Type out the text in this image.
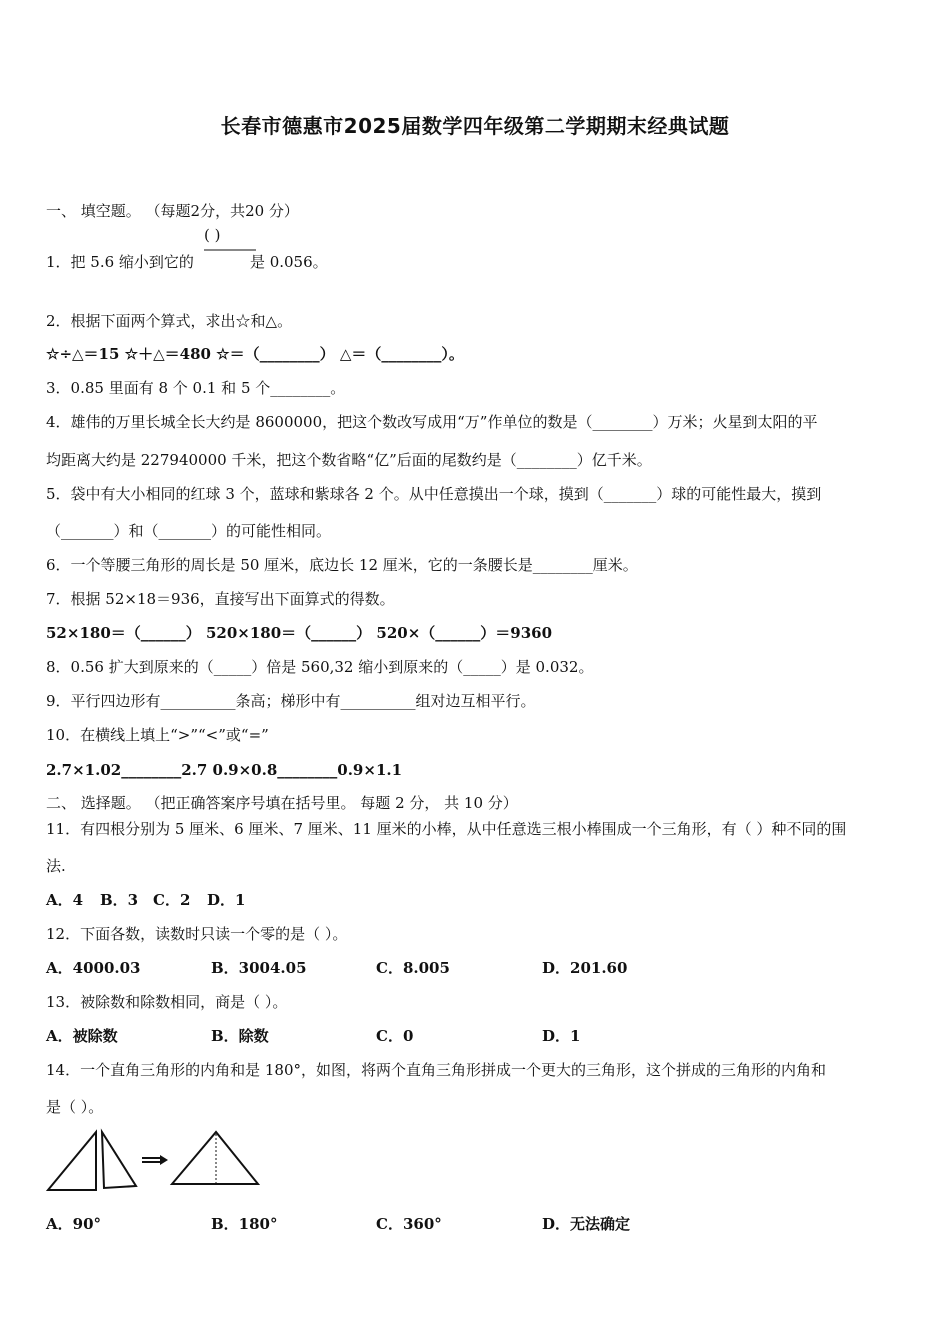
长春市德惠市2025届数学四年级第二学期期末经典试题
一、 填空题。 （每题2分，共20 分）
( )
1．把 5.6 缩小到它的	是 0.056。
2．根据下面两个算式，求出☆和△。
☆÷△＝15 ☆＋△＝480 ☆＝（________） △＝（________）。
3．0.85 里面有 8 个 0.1 和 5 个________。
4．雄伟的万里长城全长大约是 8600000，把这个数改写成用“万”作单位的数是（________）万米；火星到太阳的平
均距离大约是 227940000 千米，把这个数省略“亿”后面的尾数约是（________）亿千米。
5．袋中有大小相同的红球 3 个，蓝球和紫球各 2 个。从中任意摸出一个球，摸到（_______）球的可能性最大，摸到
（_______）和（_______）的可能性相同。
6．一个等腰三角形的周长是 50 厘米，底边长 12 厘米，它的一条腰长是________厘米。
7．根据 52×18＝936，直接写出下面算式的得数。
52×180＝（______） 520×180＝（______） 520×（______）＝9360
8．0.56 扩大到原来的（_____）倍是 560,32 缩小到原来的（_____）是 0.032。
9．平行四边形有__________条高；梯形中有__________组对边互相平行。
10．在横线上填上“>”“<”或“=”
2.7×1.02________2.7 0.9×0.8________0.9×1.1
二、 选择题。 （把正确答案序号填在括号里。 每题 2 分， 共 10 分）
11．有四根分别为 5 厘米、6 厘米、7 厘米、11 厘米的小棒，从中任意选三根小棒围成一个三角形，有（ ）种不同的围
法.
A．4 B．3 C．2 D．1
12．下面各数，读数时只读一个零的是（ ）。
A．4000.03	B．3004.05	C．8.005	D．201.60
13．被除数和除数相同，商是（ ）。
A．被除数	B．除数	C．0	D．1
14．一个直角三角形的内角和是 180°，如图，将两个直角三角形拼成一个更大的三角形，这个拼成的三角形的内角和
是（ ）。
A．90°	B．180°	C．360°	D．无法确定
